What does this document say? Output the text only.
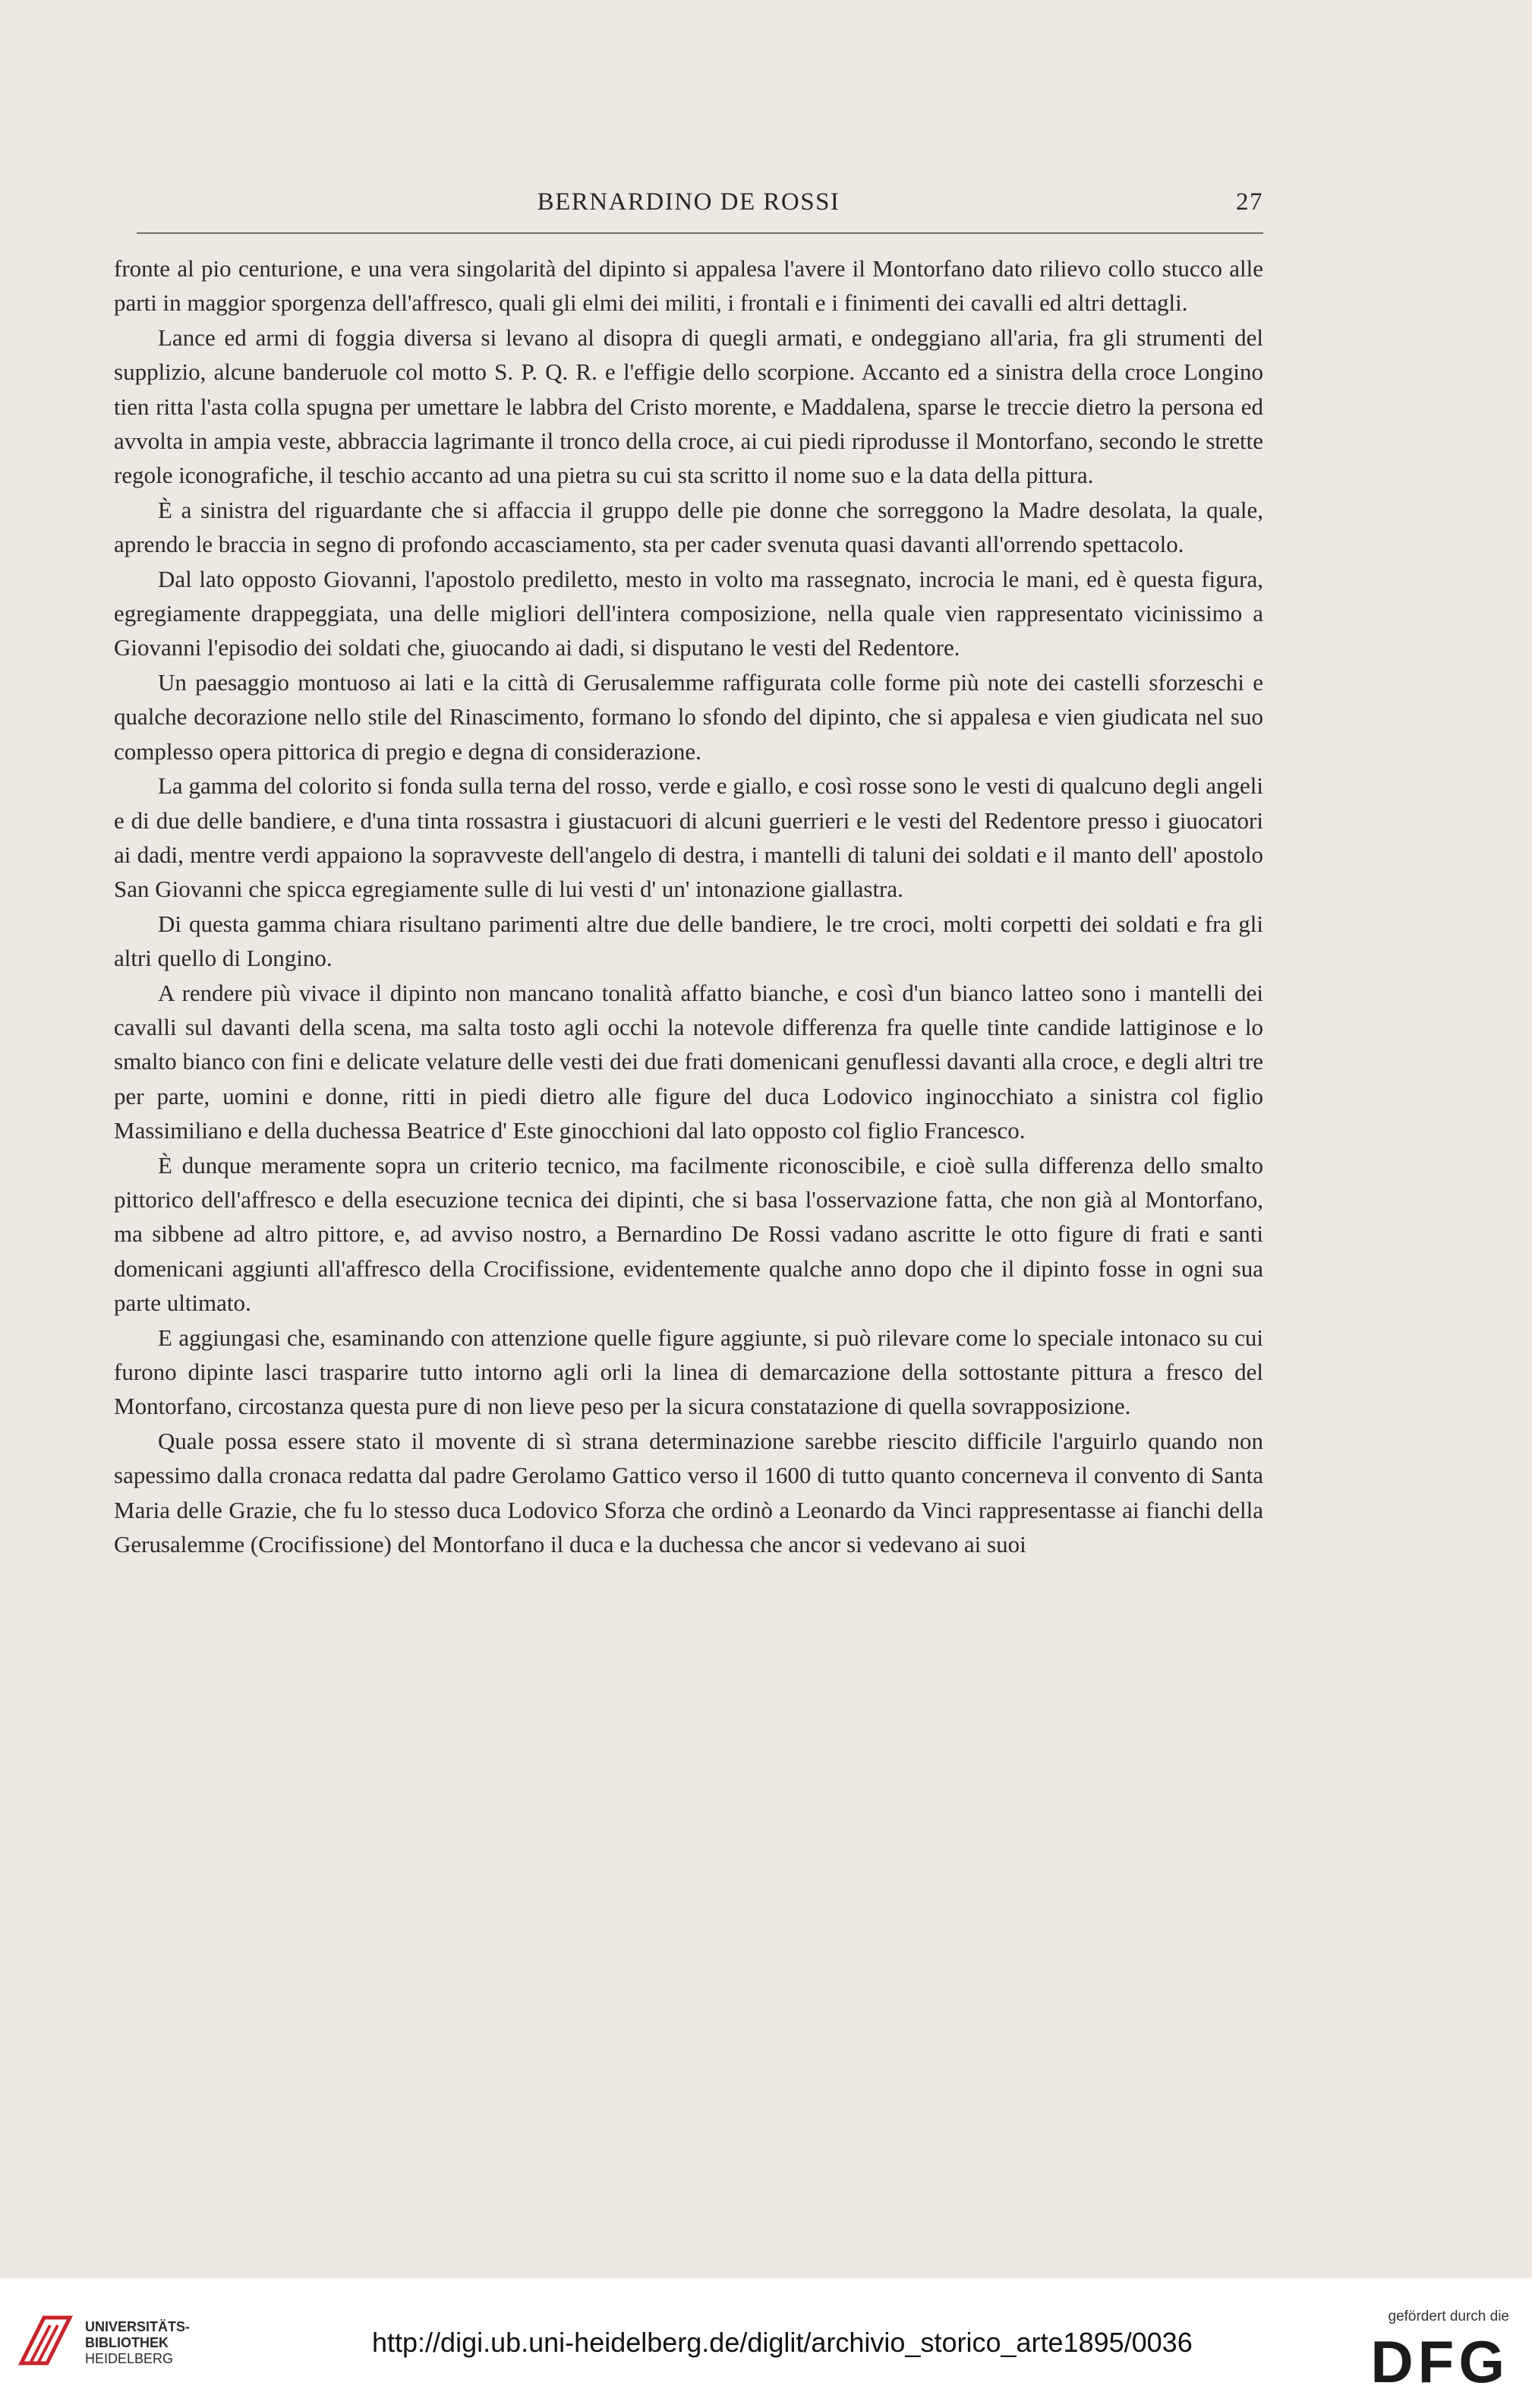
BERNARDINO DE ROSSI	27

fronte al pio centurione, e una vera singolarità del dipinto si appalesa l'avere il Montorfano dato rilievo collo stucco alle parti in maggior sporgenza dell'affresco, quali gli elmi dei militi, i frontali e i finimenti dei cavalli ed altri dettagli.

Lance ed armi di foggia diversa si levano al disopra di quegli armati, e ondeggiano all'aria, fra gli strumenti del supplizio, alcune banderuole col motto S. P. Q. R. e l'effigie dello scorpione. Accanto ed a sinistra della croce Longino tien ritta l'asta colla spugna per umettare le labbra del Cristo morente, e Maddalena, sparse le treccie dietro la persona ed avvolta in ampia veste, abbraccia lagrimante il tronco della croce, ai cui piedi riprodusse il Montorfano, secondo le strette regole iconografiche, il teschio accanto ad una pietra su cui sta scritto il nome suo e la data della pittura.

È a sinistra del riguardante che si affaccia il gruppo delle pie donne che sorreggono la Madre desolata, la quale, aprendo le braccia in segno di profondo accasciamento, sta per cader svenuta quasi davanti all'orrendo spettacolo.

Dal lato opposto Giovanni, l'apostolo prediletto, mesto in volto ma rassegnato, incrocia le mani, ed è questa figura, egregiamente drappeggiata, una delle migliori dell'intera composizione, nella quale vien rappresentato vicinissimo a Giovanni l'episodio dei soldati che, giuocando ai dadi, si disputano le vesti del Redentore.

Un paesaggio montuoso ai lati e la città di Gerusalemme raffigurata colle forme più note dei castelli sforzeschi e qualche decorazione nello stile del Rinascimento, formano lo sfondo del dipinto, che si appalesa e vien giudicata nel suo complesso opera pittorica di pregio e degna di considerazione.

La gamma del colorito si fonda sulla terna del rosso, verde e giallo, e così rosse sono le vesti di qualcuno degli angeli e di due delle bandiere, e d'una tinta rossastra i giustacuori di alcuni guerrieri e le vesti del Redentore presso i giuocatori ai dadi, mentre verdi appaiono la sopravveste dell'angelo di destra, i mantelli di taluni dei soldati e il manto dell' apostolo San Giovanni che spicca egregiamente sulle di lui vesti d' un' intonazione giallastra.

Di questa gamma chiara risultano parimenti altre due delle bandiere, le tre croci, molti corpetti dei soldati e fra gli altri quello di Longino.

A rendere più vivace il dipinto non mancano tonalità affatto bianche, e così d'un bianco latteo sono i mantelli dei cavalli sul davanti della scena, ma salta tosto agli occhi la notevole differenza fra quelle tinte candide lattiginose e lo smalto bianco con fini e delicate velature delle vesti dei due frati domenicani genuflessi davanti alla croce, e degli altri tre per parte, uomini e donne, ritti in piedi dietro alle figure del duca Lodovico inginocchiato a sinistra col figlio Massimiliano e della duchessa Beatrice d' Este ginocchioni dal lato opposto col figlio Francesco.

È dunque meramente sopra un criterio tecnico, ma facilmente riconoscibile, e cioè sulla differenza dello smalto pittorico dell'affresco e della esecuzione tecnica dei dipinti, che si basa l'osservazione fatta, che non già al Montorfano, ma sibbene ad altro pittore, e, ad avviso nostro, a Bernardino De Rossi vadano ascritte le otto figure di frati e santi domenicani aggiunti all'affresco della Crocifissione, evidentemente qualche anno dopo che il dipinto fosse in ogni sua parte ultimato.

E aggiungasi che, esaminando con attenzione quelle figure aggiunte, si può rilevare come lo speciale intonaco su cui furono dipinte lasci trasparire tutto intorno agli orli la linea di demarcazione della sottostante pittura a fresco del Montorfano, circostanza questa pure di non lieve peso per la sicura constatazione di quella sovrapposizione.

Quale possa essere stato il movente di sì strana determinazione sarebbe riescito difficile l'arguirlo quando non sapessimo dalla cronaca redatta dal padre Gerolamo Gattico verso il 1600 di tutto quanto concerneva il convento di Santa Maria delle Grazie, che fu lo stesso duca Lodovico Sforza che ordinò a Leonardo da Vinci rappresentasse ai fianchi della Gerusalemme (Crocifissione) del Montorfano il duca e la duchessa che ancor si vedevano ai suoi

UNIVERSITÄTS-
BIBLIOTHEK
HEIDELBERG
http://digi.ub.uni-heidelberg.de/diglit/archivio_storico_arte1895/0036
gefördert durch die
DFG
